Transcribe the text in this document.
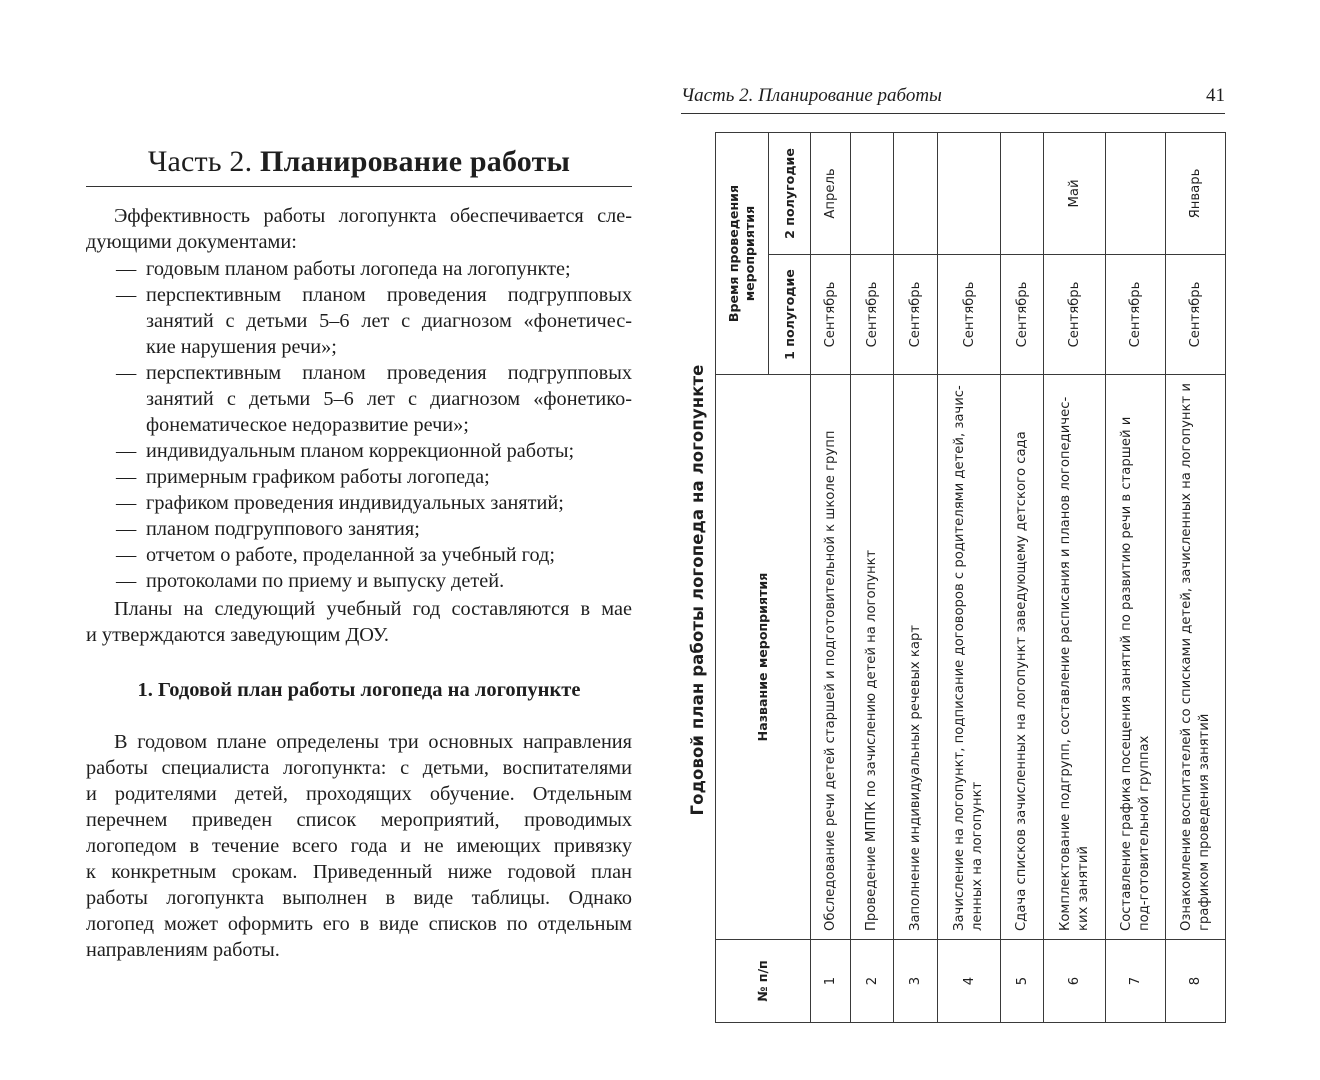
Часть 2. Планирование работы

Эффективность работы логопункта обеспечивается сле-
дующими документами:

— годовым планом работы логопеда на логопункте;
— перспективным планом проведения подгрупповых
занятий с детьми 5–6 лет с диагнозом «фонетичес-
кие нарушения речи»;
— перспективным планом проведения подгрупповых
занятий с детьми 5–6 лет с диагнозом «фонетико-
фонематическое недоразвитие речи»;
— индивидуальным планом коррекционной работы;
— примерным графиком работы логопеда;
— графиком проведения индивидуальных занятий;
— планом подгруппового занятия;
— отчетом о работе, проделанной за учебный год;
— протоколами по приему и выпуску детей.

Планы на следующий учебный год составляются в мае
и утверждаются заведующим ДОУ.

1. Годовой план работы логопеда на логопункте

В годовом плане определены три основных направления
работы специалиста логопункта: с детьми, воспитателями
и родителями детей, проходящих обучение. Отдельным
перечнем приведен список мероприятий, проводимых
логопедом в течение всего года и не имеющих привязку
к конкретным срокам. Приведенный ниже годовой план
работы логопункта выполнен в виде таблицы. Однако
логопед может оформить его в виде списков по отдельным
направлениям работы.

Часть 2. Планирование работы	41
Годовой план работы логопеда на логопункте
№ п/п	Название мероприятия	Время проведения мероприятия	
		1 полугодие	2 полугодие
1	Обследование речи детей старшей и подготовительной к школе групп	Сентябрь	Апрель
2	Проведение МППК по зачислению детей на логопункт	Сентябрь	
3	Заполнение индивидуальных речевых карт	Сентябрь	
4	Зачисление на логопункт, подписание договоров с родителями детей, зачис-ленных на логопункт	Сентябрь	
5	Сдача списков зачисленных на логопункт заведующему детского сада	Сентябрь	
6	Комплектование подгрупп, составление расписания и планов логопедичес-ких занятий	Сентябрь	Май
7	Составление графика посещения занятий по развитию речи в старшей и под-готовительной группах	Сентябрь	
8	Ознакомление воспитателей со списками детей, зачисленных на логопункт и графиком проведения занятий	Сентябрь	Январь
